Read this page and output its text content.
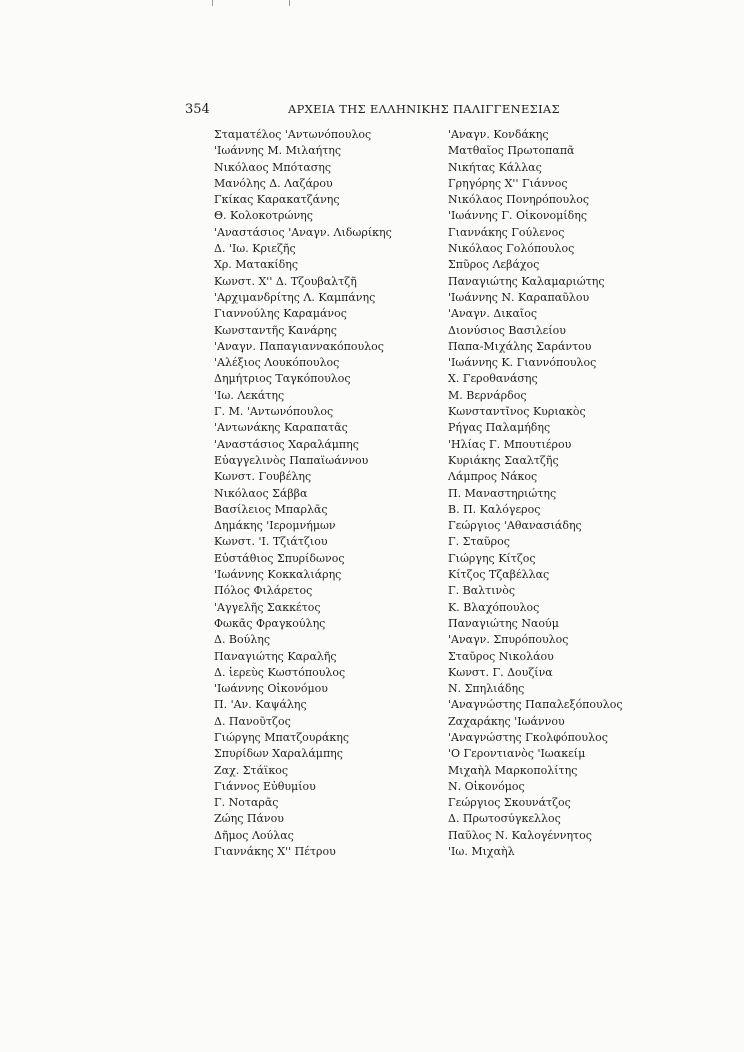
354	ΑΡΧΕΙΑ ΤΗΣ ΕΛΛΗΝΙΚΗΣ ΠΑΛΙΓΓΕΝΕΣΙΑΣ
Σταματέλος 'Αντωνόπουλος
'Ιωάννης Μ. Μιλαήτης
Νικόλαος Μπότασης
Μανόλης Δ. Λαζάρου
Γκίκας Καρακατζάνης
Θ. Κολοκοτρώνης
'Αναστάσιος 'Αναγν. Λιδωρίκης
Δ. 'Ιω. Κριεζῆς
Χρ. Ματακίδης
Κωνστ. Χ'' Δ. Τζουβαλτζῆ
'Αρχιμανδρίτης Λ. Καμπάνης
Γιαννούλης Καραμάνος
Κωνσταντῆς Κανάρης
'Αναγν. Παπαγιαννακόπουλος
'Αλέξιος Λουκόπουλος
Δημήτριος Ταγκόπουλος
'Ιω. Λεκάτης
Γ. Μ. 'Αντωνόπουλος
'Αντωνάκης Καραπατᾶς
'Αναστάσιος Χαραλάμπης
Εὐαγγελινὸς Παπαϊωάννου
Κωνστ. Γουβέλης
Νικόλαος Σάββα
Βασίλειος Μπαρλᾶς
Δημάκης 'Ιερομνήμων
Κωνστ. 'Ι. Τζιάτζιου
Εὐστάθιος Σπυρίδωνος
'Ιωάννης Κοκκαλιάρης
Πόλος Φιλάρετος
'Αγγελῆς Σακκέτος
Φωκᾶς Φραγκούλης
Δ. Βούλης
Παναγιώτης Καραλῆς
Δ. ἱερεὺς Κωστόπουλος
'Ιωάννης Οἰκονόμου
Π. 'Αν. Καψάλης
Δ. Πανοῦτζος
Γιώργης Μπατζουράκης
Σπυρίδων Χαραλάμπης
Ζαχ. Στάϊκος
Γιάννος Εὐθυμίου
Γ. Νοταρᾶς
Ζώης Πάνου
Δῆμος Λούλας
Γιαννάκης Χ'' Πέτρου
'Αναγν. Κονδάκης
Ματθαῖος Πρωτοπαπᾶ
Νικήτας Κάλλας
Γρηγόρης Χ'' Γιάννος
Νικόλαος Πονηρόπουλος
'Ιωάννης Γ. Οἰκονομίδης
Γιαννάκης Γούλενος
Νικόλαος Γολόπουλος
Σπῦρος Λεβάχος
Παναγιώτης Καλαμαριώτης
'Ιωάννης Ν. Καραπαῦλου
'Αναγν. Δικαῖος
Διονύσιος Βασιλείου
Παπα-Μιχάλης Σαράντου
'Ιωάννης Κ. Γιαννόπουλος
Χ. Γεροθανάσης
Μ. Βερνάρδος
Κωνσταντῖνος Κυριακὸς
Ρήγας Παλαμήδης
'Ηλίας Γ. Μπουτιέρου
Κυριάκης Σααλτζῆς
Λάμπρος Νάκος
Π. Μαναστηριώτης
Β. Π. Καλόγερος
Γεώργιος 'Αθανασιάδης
Γ. Σταῦρος
Γιώργης Κίτζος
Κίτζος Τζαβέλλας
Γ. Βαλτινὸς
Κ. Βλαχόπουλος
Παναγιώτης Ναούμ
'Αναγν. Σπυρόπουλος
Σταῦρος Νικολάου
Κωνστ. Γ. Δουζίνα
Ν. Σπηλιάδης
'Αναγνώστης Παπαλεξόπουλος
Ζαχαράκης 'Ιωάννου
'Αναγνώστης Γκολφόπουλος
'Ο Γεροντιανὸς 'Ιωακείμ
Μιχαὴλ Μαρκοπολίτης
Ν. Οἰκονόμος
Γεώργιος Σκουνάτζος
Δ. Πρωτοσύγκελλος
Παῦλος Ν. Καλογέννητος
'Ιω. Μιχαὴλ
